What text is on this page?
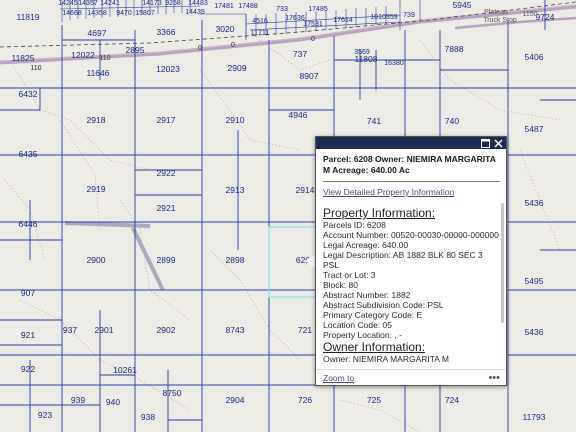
11819
14245 14357 14241
14668 14358 9470 15807
14173 9258 14483
14439
17481 17488	733	17485
17636
4516	17531
17614	1010359 739
5945
9724
4697	3366	3020 11711
11825	12022	2895	737	3569
11808 16380
7888
5406
11646	12023	2909
8907
6432
2918	2917	2910	4946
741	740
5487
6435
2922
2919	2913	2914
5436
6446
2921
2900	2899	2898	620
5495
907
5436
921	937 2901	2902	8743	721
922	10261
8750
939 940	2904	726	725	724
923	938	11793
110
110
0
0
0
Plateau
Truck Stop
1150
Parcel: 6208 Owner: NIEMIRA MARGARITA M Acreage: 640.00 Ac
View Detailed Property Information
Property Information:
Parcels ID: 6208
Account Number: 00520-00030-00000-000000
Legal Acreage: 640.00
Legal Description: AB 1882 BLK 80 SEC 3 PSL
Tract or Lot: 3
Block: 80
Abstract Number: 1882
Abstract Subdivision Code: PSL
Primary Category Code: E
Location Code: 05
Property Location: , -
Owner Information:
Owner: NIEMIRA MARGARITA M
Zoom to	•••
